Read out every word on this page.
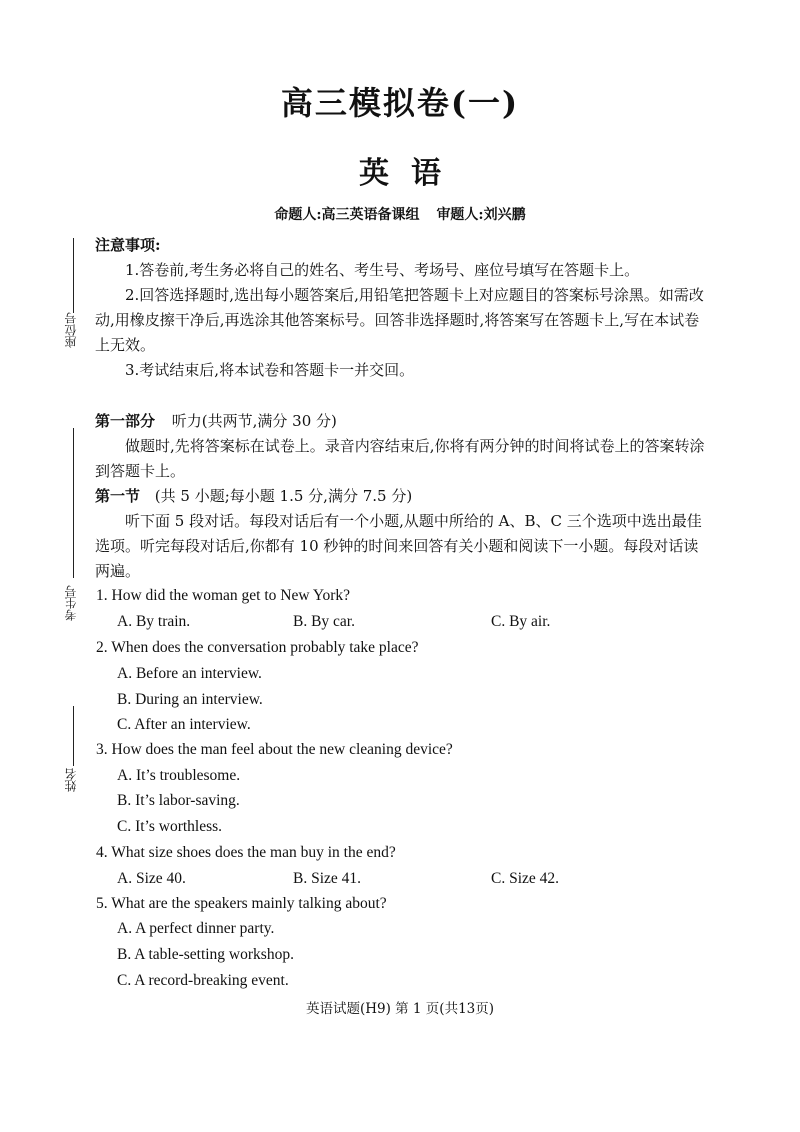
座位号
考生号
姓名
高三模拟卷(一)
英语
命题人:高三英语备课组 审题人:刘兴鹏
注意事项:
1.答卷前,考生务必将自己的姓名、考生号、考场号、座位号填写在答题卡上。
2.回答选择题时,选出每小题答案后,用铅笔把答题卡上对应题目的答案标号涂黑。如需改动,用橡皮擦干净后,再选涂其他答案标号。回答非选择题时,将答案写在答题卡上,写在本试卷上无效。
3.考试结束后,将本试卷和答题卡一并交回。
第一部分 听力(共两节,满分 30 分)
做题时,先将答案标在试卷上。录音内容结束后,你将有两分钟的时间将试卷上的答案转涂到答题卡上。
第一节 (共 5 小题;每小题 1.5 分,满分 7.5 分)
听下面 5 段对话。每段对话后有一个小题,从题中所给的 A、B、C 三个选项中选出最佳选项。听完每段对话后,你都有 10 秒钟的时间来回答有关小题和阅读下一小题。每段对话读两遍。
1. How did the woman get to New York?
A. By train.	B. By car.	C. By air.
2. When does the conversation probably take place?
A. Before an interview.
B. During an interview.
C. After an interview.
3. How does the man feel about the new cleaning device?
A. It’s troublesome.
B. It’s labor-saving.
C. It’s worthless.
4. What size shoes does the man buy in the end?
A. Size 40.	B. Size 41.	C. Size 42.
5. What are the speakers mainly talking about?
A. A perfect dinner party.
B. A table-setting workshop.
C. A record-breaking event.
英语试题(H9) 第 1 页(共13页)
